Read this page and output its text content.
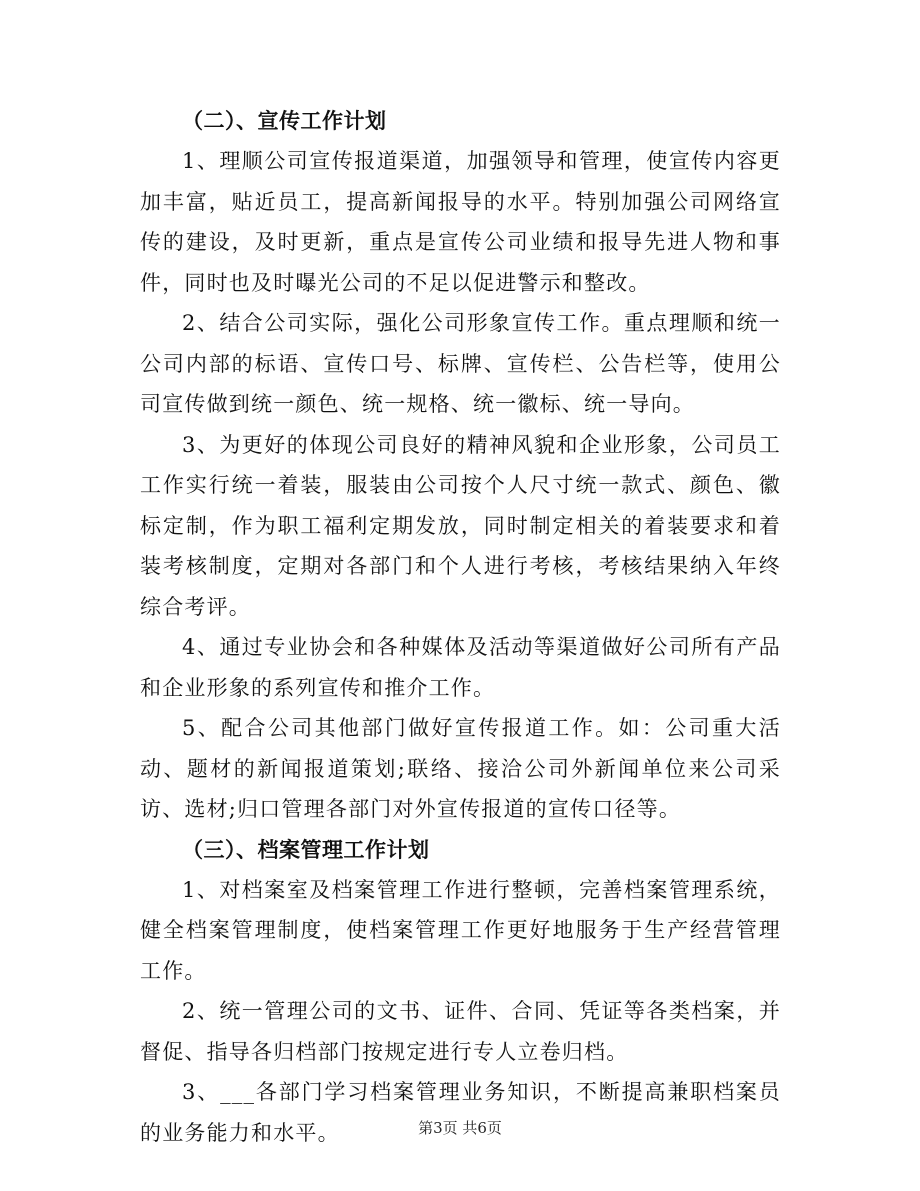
（二）、宣传工作计划

1、理顺公司宣传报道渠道，加强领导和管理，使宣传内容更加丰富，贴近员工，提高新闻报导的水平。特别加强公司网络宣传的建设，及时更新，重点是宣传公司业绩和报导先进人物和事件，同时也及时曝光公司的不足以促进警示和整改。

2、结合公司实际，强化公司形象宣传工作。重点理顺和统一公司内部的标语、宣传口号、标牌、宣传栏、公告栏等，使用公司宣传做到统一颜色、统一规格、统一徽标、统一导向。

3、为更好的体现公司良好的精神风貌和企业形象，公司员工工作实行统一着装，服装由公司按个人尺寸统一款式、颜色、徽标定制，作为职工福利定期发放，同时制定相关的着装要求和着装考核制度，定期对各部门和个人进行考核，考核结果纳入年终综合考评。

4、通过专业协会和各种媒体及活动等渠道做好公司所有产品和企业形象的系列宣传和推介工作。

5、配合公司其他部门做好宣传报道工作。如：公司重大活动、题材的新闻报道策划;联络、接洽公司外新闻单位来公司采访、选材;归口管理各部门对外宣传报道的宣传口径等。

（三）、档案管理工作计划

1、对档案室及档案管理工作进行整顿，完善档案管理系统，健全档案管理制度，使档案管理工作更好地服务于生产经营管理工作。

2、统一管理公司的文书、证件、合同、凭证等各类档案，并督促、指导各归档部门按规定进行专人立卷归档。

3、___各部门学习档案管理业务知识，不断提高兼职档案员的业务能力和水平。	第3页 共6页
